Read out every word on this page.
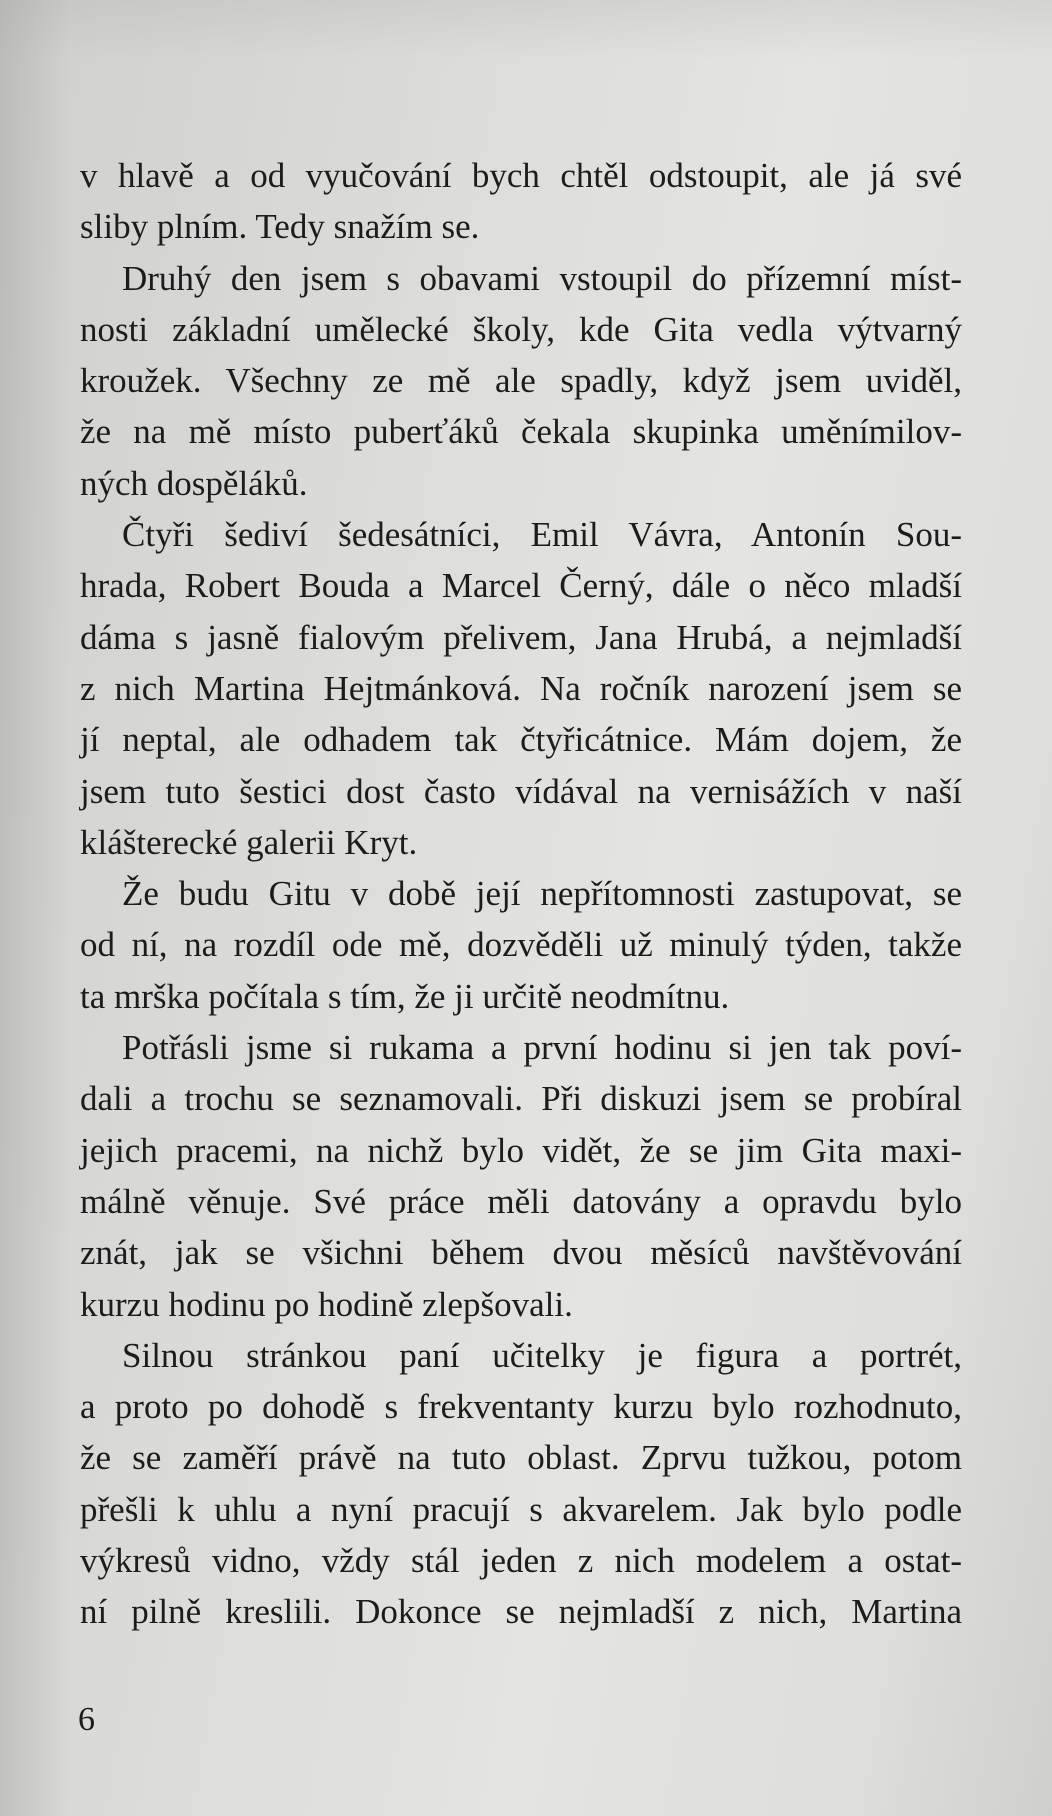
v hlavě a od vyučování bych chtěl odstoupit, ale já své
sliby plním. Tedy snažím se.

Druhý den jsem s obavami vstoupil do přízemní míst-
nosti základní umělecké školy, kde Gita vedla výtvarný
kroužek. Všechny ze mě ale spadly, když jsem uviděl,
že na mě místo puberťáků čekala skupinka uměnímilov-
ných dospěláků.

Čtyři šediví šedesátníci, Emil Vávra, Antonín Sou-
hrada, Robert Bouda a Marcel Černý, dále o něco mladší
dáma s jasně fialovým přelivem, Jana Hrubá, a nejmladší
z nich Martina Hejtmánková. Na ročník narození jsem se
jí neptal, ale odhadem tak čtyřicátnice. Mám dojem, že
jsem tuto šestici dost často vídával na vernisážích v naší
klášterecké galerii Kryt.

Že budu Gitu v době její nepřítomnosti zastupovat, se
od ní, na rozdíl ode mě, dozvěděli už minulý týden, takže
ta mrška počítala s tím, že ji určitě neodmítnu.

Potřásli jsme si rukama a první hodinu si jen tak poví-
dali a trochu se seznamovali. Při diskuzi jsem se probíral
jejich pracemi, na nichž bylo vidět, že se jim Gita maxi-
málně věnuje. Své práce měli datovány a opravdu bylo
znát, jak se všichni během dvou měsíců navštěvování
kurzu hodinu po hodině zlepšovali.

Silnou stránkou paní učitelky je figura a portrét,
a proto po dohodě s frekventanty kurzu bylo rozhodnuto,
že se zaměří právě na tuto oblast. Zprvu tužkou, potom
přešli k uhlu a nyní pracují s akvarelem. Jak bylo podle
výkresů vidno, vždy stál jeden z nich modelem a ostat-
ní pilně kreslili. Dokonce se nejmladší z nich, Martina

6
